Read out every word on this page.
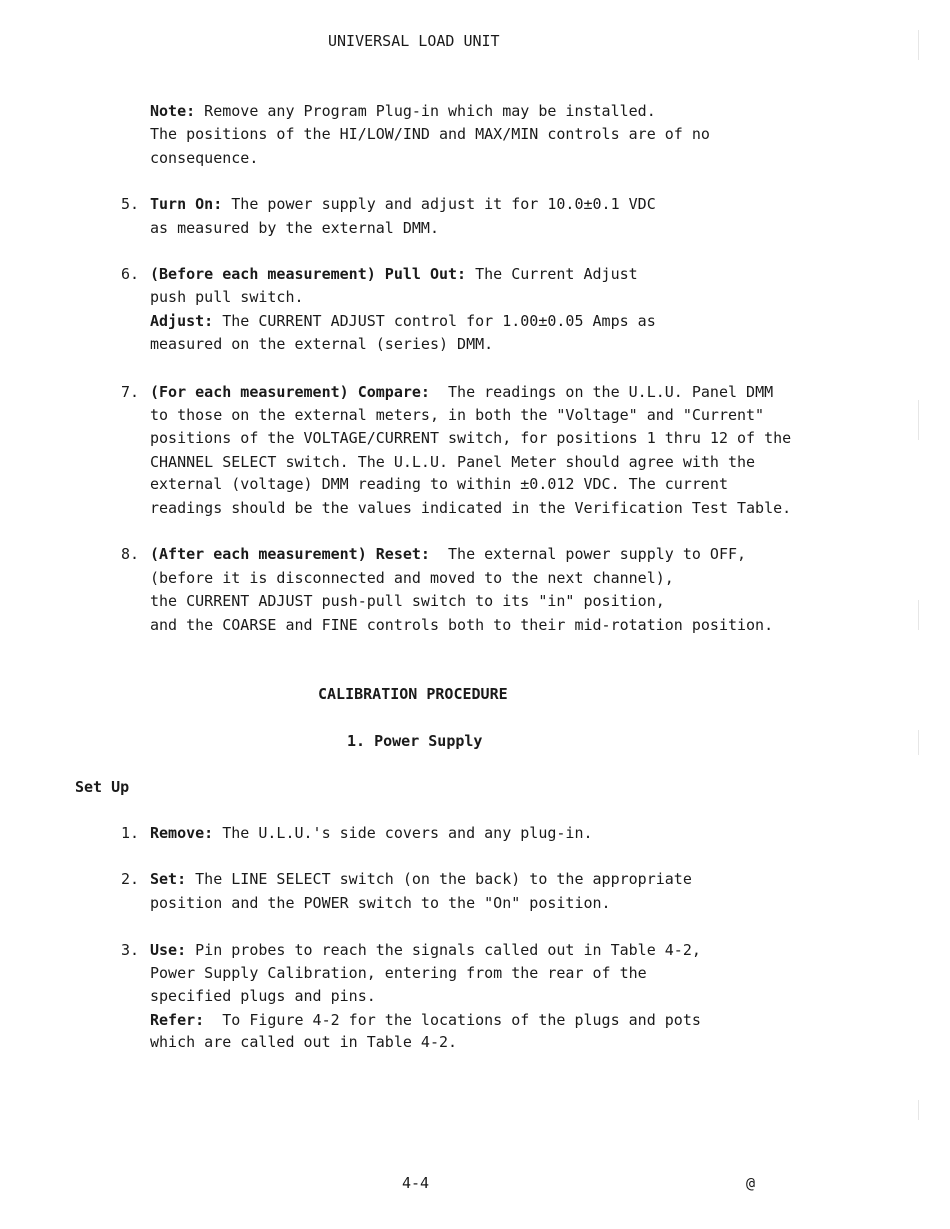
UNIVERSAL LOAD UNIT
Note: Remove any Program Plug-in which may be installed.
The positions of the HI/LOW/IND and MAX/MIN controls are of no
consequence.
5. Turn On: The power supply and adjust it for 10.0±0.1 VDC
as measured by the external DMM.
6. (Before each measurement) Pull Out: The Current Adjust
push pull switch.
Adjust: The CURRENT ADJUST control for 1.00±0.05 Amps as
measured on the external (series) DMM.
7. (For each measurement) Compare:  The readings on the U.L.U. Panel DMM
to those on the external meters, in both the "Voltage" and "Current"
positions of the VOLTAGE/CURRENT switch, for positions 1 thru 12 of the
CHANNEL SELECT switch. The U.L.U. Panel Meter should agree with the
external (voltage) DMM reading to within ±0.012 VDC. The current
readings should be the values indicated in the Verification Test Table.
8. (After each measurement) Reset:  The external power supply to OFF,
(before it is disconnected and moved to the next channel),
the CURRENT ADJUST push-pull switch to its "in" position,
and the COARSE and FINE controls both to their mid-rotation position.
CALIBRATION PROCEDURE
1. Power Supply
Set Up
1. Remove: The U.L.U.'s side covers and any plug-in.
2. Set: The LINE SELECT switch (on the back) to the appropriate
position and the POWER switch to the "On" position.
3. Use: Pin probes to reach the signals called out in Table 4-2,
Power Supply Calibration, entering from the rear of the
specified plugs and pins.
Refer:  To Figure 4-2 for the locations of the plugs and pots
which are called out in Table 4-2.
4-4	@
